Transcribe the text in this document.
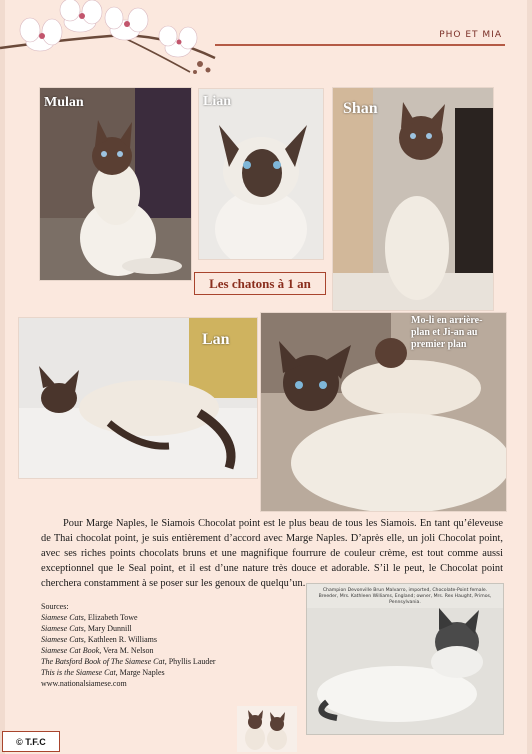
PHO ET MIA
Mulan	Lian	Shan
Les chatons à 1 an
Lan
Mo-li en arrière-
plan et Ji-an au
premier plan
Pour Marge Naples, le Siamois Chocolat point est le plus beau de tous les Siamois. En tant qu’éleveuse de Thai chocolat point, je suis entièrement d’accord avec Marge Naples. D’après elle, un joli Chocolat point, avec ses riches points chocolats bruns et une magnifique fourrure de couleur crème, est tout comme aussi exceptionnel que le Seal point, et il est d’une nature très douce et adorable. S’il le peut, le Chocolat point cherchera constamment à se poser sur les genoux de quelqu’un.
Sources:
Siamese Cats, Elizabeth Towe
Siamese Cats, Mary Dunnill
Siamese Cats, Kathleen R. Williams
Siamese Cat Book, Vera M. Nelson
The Batsford Book of The Siamese Cat, Phyllis Lauder
This is the Siamese Cat, Marge Naples
www.nationalsiamese.com
Champion Devonville Brun Malvarro, imported, Chocolate-Point female. Breeder, Mrs. Kathleen Williams, England; owner, Mrs. Rex Haught, Primos, Pennsylvania.
© T.F.C
